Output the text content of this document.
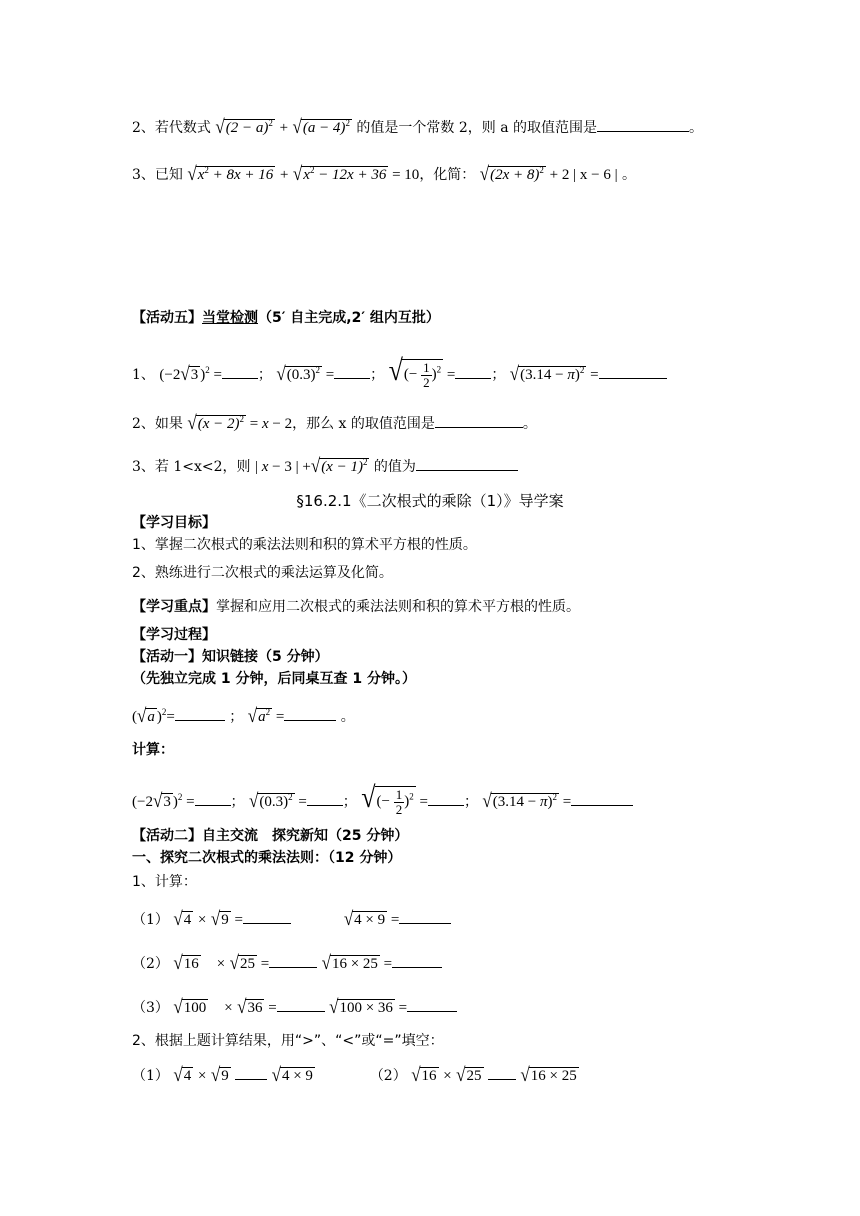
2、若代数式 $√(2 - a)^2 + √(a - 4)^2$ 的值是一个常数 2，则 a 的取值范围是	。
3、已知 $√x^2 + 8x + 16 + √x^2 - 12x + 36 = 10$，化简： $√(2x + 8)^2 + 2$ | x − 6 | 。
【活动五】当堂检测（5′ 自主完成,2′ 组内互批）
1、 (−2√3 )$^2$ =	； $√(0.3)^2$ =	； √(− $\frac{1}{2} )^2$ =	； $√(3.14 - \pi)^2$ =
2、如果 $√(x - 2)^2 = x - 2$，那么 x 的取值范围是	。
3、若 1<x<2，则 | x − 3 | $+√(x - 1)^2$ 的值为
§16.2.1《二次根式的乘除（1）》导学案
【学习目标】
1、掌握二次根式的乘法法则和积的算术平方根的性质。
2、熟练进行二次根式的乘法运算及化简。
【学习重点】掌握和应用二次根式的乘法法则和积的算术平方根的性质。
【学习过程】
【活动一】知识链接（5 分钟）
（先独立完成 1 分钟，后同桌互查 1 分钟。）
(√a )$^2$=	； $√a^2$ =	。
计算：
(−2√3 )$^2$ =	； $√(0.3)^2$ =	； √(− $\frac{1}{2} )^2$ =	； $√(3.14 - \pi)^2$ =
【活动二】自主交流　探究新知（25 分钟）
一、探究二次根式的乘法法则：（12 分钟）
1、计算：
（1） √4 × √9 =	√4 × 9 =
（2） √16　× √25 =	√16 × 25 =
（3） √100　× √36 =	√100 × 36 =
2、根据上题计算结果，用“>”、“<”或“=”填空：
（1） √4 × √9	√4 × 9	（2） √16 × √25 √16 × 25
